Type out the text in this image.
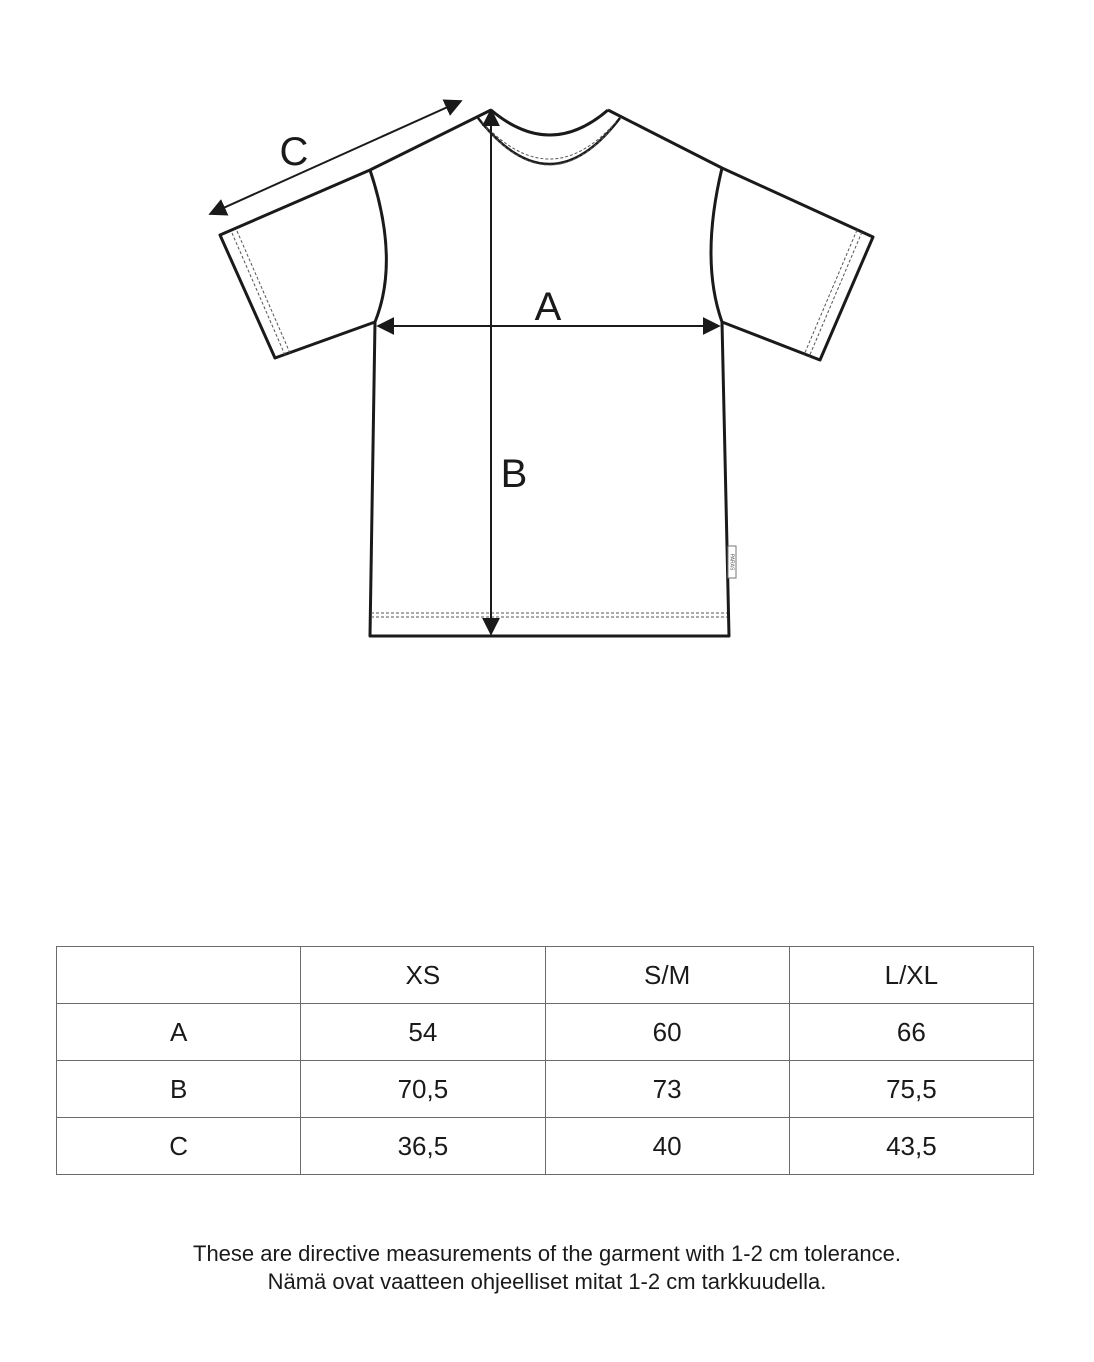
PARAS
A
B
C
	XS	S/M	L/XL
A	54	60	66
B	70,5	73	75,5
C	36,5	40	43,5
These are directive measurements of the garment with 1-2 cm tolerance.
Nämä ovat vaatteen ohjeelliset mitat 1-2 cm tarkkuudella.
